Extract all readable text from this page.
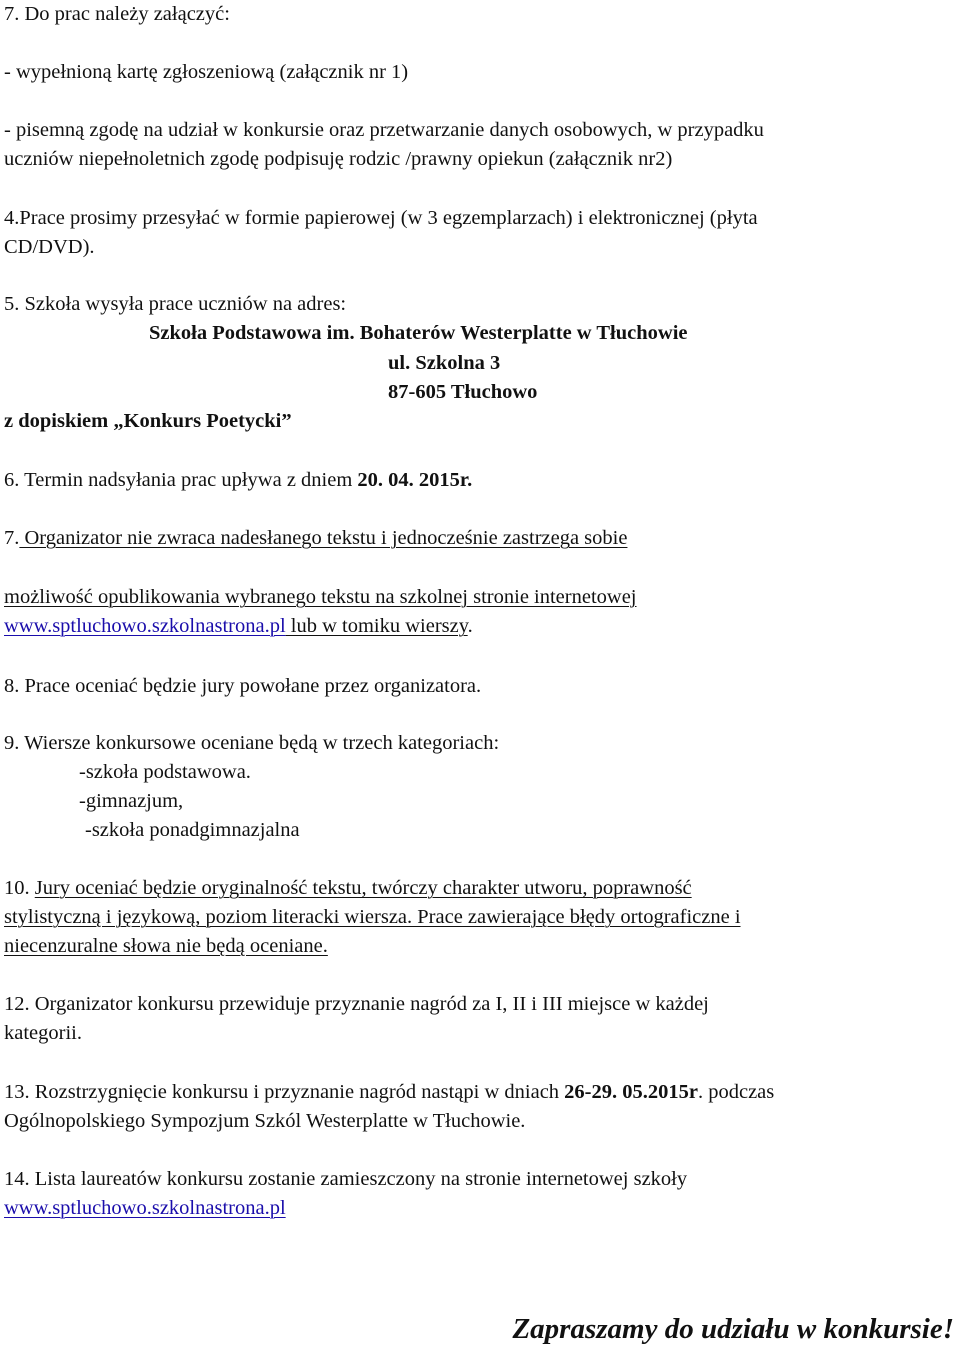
7. Do prac należy załączyć:
- wypełnioną kartę zgłoszeniową (załącznik nr 1)
- pisemną zgodę na udział w konkursie oraz przetwarzanie danych osobowych, w przypadku
uczniów niepełnoletnich zgodę podpisuję rodzic /prawny opiekun (załącznik nr2)
4.Prace prosimy przesyłać w formie papierowej (w 3 egzemplarzach) i elektronicznej (płyta
CD/DVD).
5. Szkoła wysyła prace uczniów na adres:
Szkoła Podstawowa im. Bohaterów Westerplatte w Tłuchowie
ul. Szkolna 3
87-605 Tłuchowo
z dopiskiem „Konkurs Poetycki”
6. Termin nadsyłania prac upływa z dniem 20. 04. 2015r.
7. Organizator nie zwraca nadesłanego tekstu i jednocześnie zastrzega sobie
możliwość opublikowania wybranego tekstu na szkolnej stronie internetowej
www.sptluchowo.szkolnastrona.pl lub w tomiku wierszy.
8. Prace oceniać będzie jury powołane przez organizatora.
9. Wiersze konkursowe oceniane będą w trzech kategoriach:
-szkoła podstawowa.
-gimnazjum,
-szkoła ponadgimnazjalna
10. Jury oceniać będzie oryginalność tekstu, twórczy charakter utworu, poprawność
stylistyczną i językową, poziom literacki wiersza. Prace zawierające błędy ortograficzne i
niecenzuralne słowa nie będą oceniane.
12. Organizator konkursu przewiduje przyznanie nagród za I, II i III miejsce w każdej
kategorii.
13. Rozstrzygnięcie konkursu i przyznanie nagród nastąpi w dniach 26-29. 05.2015r. podczas
Ogólnopolskiego Sympozjum Szkól Westerplatte w Tłuchowie.
14. Lista laureatów konkursu zostanie zamieszczony na stronie internetowej szkoły
www.sptluchowo.szkolnastrona.pl
Zapraszamy do udziału w konkursie!
